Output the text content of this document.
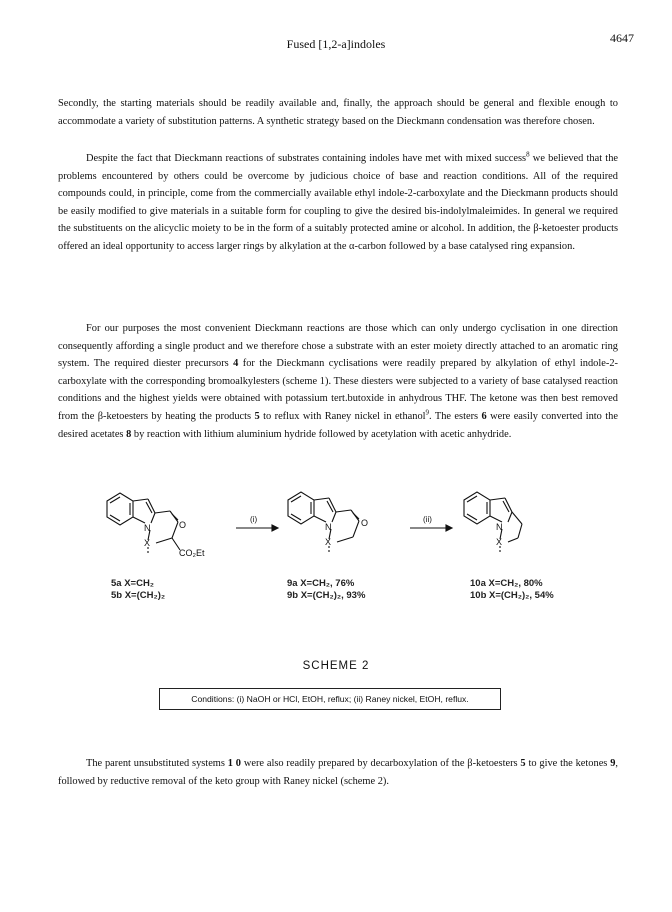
Fused [1,2-a]indoles	4647

Secondly, the starting materials should be readily available and, finally, the approach should be general and flexible enough to accommodate a variety of substitution patterns. A synthetic strategy based on the Dieckmann condensation was therefore chosen.

Despite the fact that Dieckmann reactions of substrates containing indoles have met with mixed success$^8$ we believed that the problems encountered by others could be overcome by judicious choice of base and reaction conditions. All of the required compounds could, in principle, come from the commercially available ethyl indole-2-carboxylate and the Dieckmann products should be easily modified to give materials in a suitable form for coupling to give the desired bis-indolylmaleimides. In general we required the substituents on the alicyclic moiety to be in the form of a suitably protected amine or alcohol. In addition, the β-ketoester products offered an ideal opportunity to access larger rings by alkylation at the α-carbon followed by a base catalysed ring expansion.

For our purposes the most convenient Dieckmann reactions are those which can only undergo cyclisation in one direction consequently affording a single product and we therefore chose a substrate with an ester moiety directly attached to an aromatic ring system. The required diester precursors 4 for the Dieckmann cyclisations were readily prepared by alkylation of ethyl indole-2-carboxylate with the corresponding bromoalkylesters (scheme 1). These diesters were subjected to a variety of base catalysed reaction conditions and the highest yields were obtained with potassium tert.butoxide in anhydrous THF. The ketone was then best removed from the β-ketoesters by heating the products 5 to reflux with Raney nickel in ethanol$^9$. The esters 6 were easily converted into the desired acetates 8 by reaction with lithium aluminium hydride followed by acetylation with acetic anhydride.

N	O
X
CO₂Et
N	O
X
N
X
(i)	(ii)
5a X=CH₂
5b X=(CH₂)₂
9a X=CH₂, 76%
9b X=(CH₂)₂, 93%
10a X=CH₂, 80%
10b X=(CH₂)₂, 54%
SCHEME 2
Conditions: (i) NaOH or HCl, EtOH, reflux; (ii) Raney nickel, EtOH, reflux.

The parent unsubstituted systems 1 0 were also readily prepared by decarboxylation of the β-ketoesters 5 to give the ketones 9, followed by reductive removal of the keto group with Raney nickel (scheme 2).
